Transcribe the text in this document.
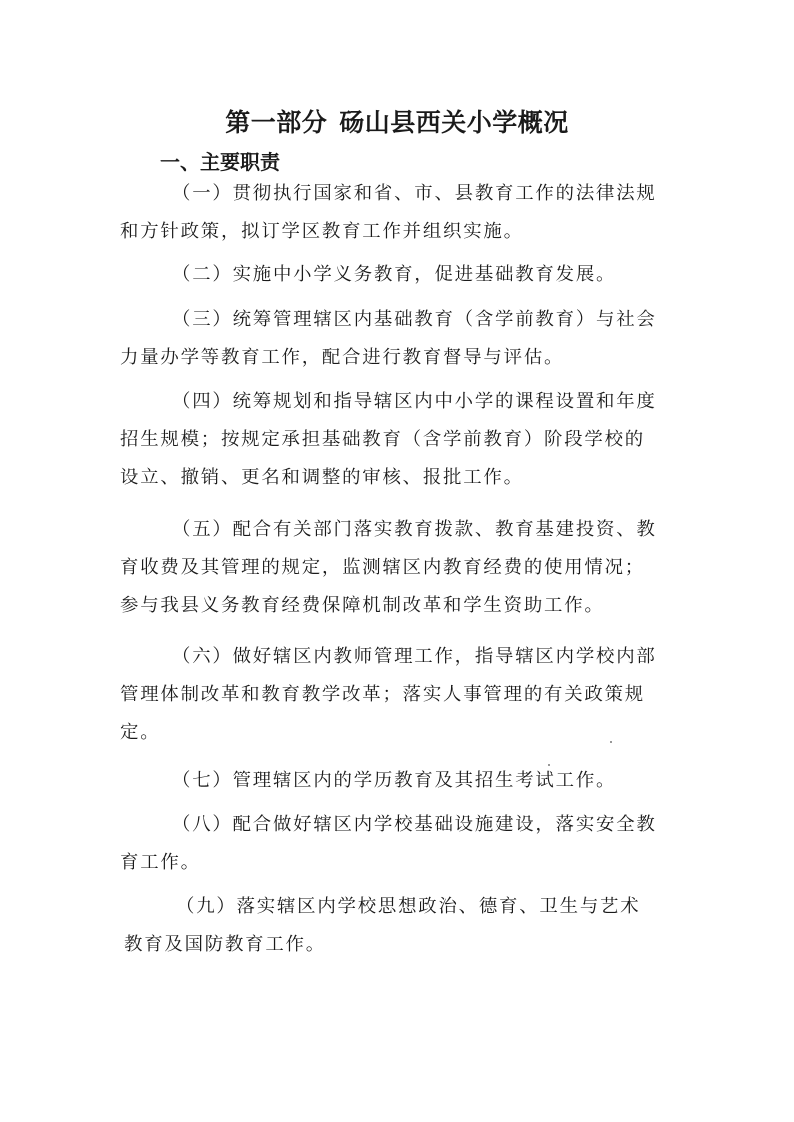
第一部分 砀山县西关小学概况
一、主要职责
（一）贯彻执行国家和省、市、县教育工作的法律法规
和方针政策，拟订学区教育工作并组织实施。
（二）实施中小学义务教育，促进基础教育发展。
（三）统筹管理辖区内基础教育（含学前教育）与社会
力量办学等教育工作，配合进行教育督导与评估。
（四）统筹规划和指导辖区内中小学的课程设置和年度
招生规模；按规定承担基础教育（含学前教育）阶段学校的
设立、撤销、更名和调整的审核、报批工作。
（五）配合有关部门落实教育拨款、教育基建投资、教
育收费及其管理的规定，监测辖区内教育经费的使用情况；
参与我县义务教育经费保障机制改革和学生资助工作。
（六）做好辖区内教师管理工作，指导辖区内学校内部
管理体制改革和教育教学改革；落实人事管理的有关政策规
定。
（七）管理辖区内的学历教育及其招生考试工作。
（八）配合做好辖区内学校基础设施建设，落实安全教
育工作。
（九）落实辖区内学校思想政治、德育、卫生与艺术
教育及国防教育工作。
